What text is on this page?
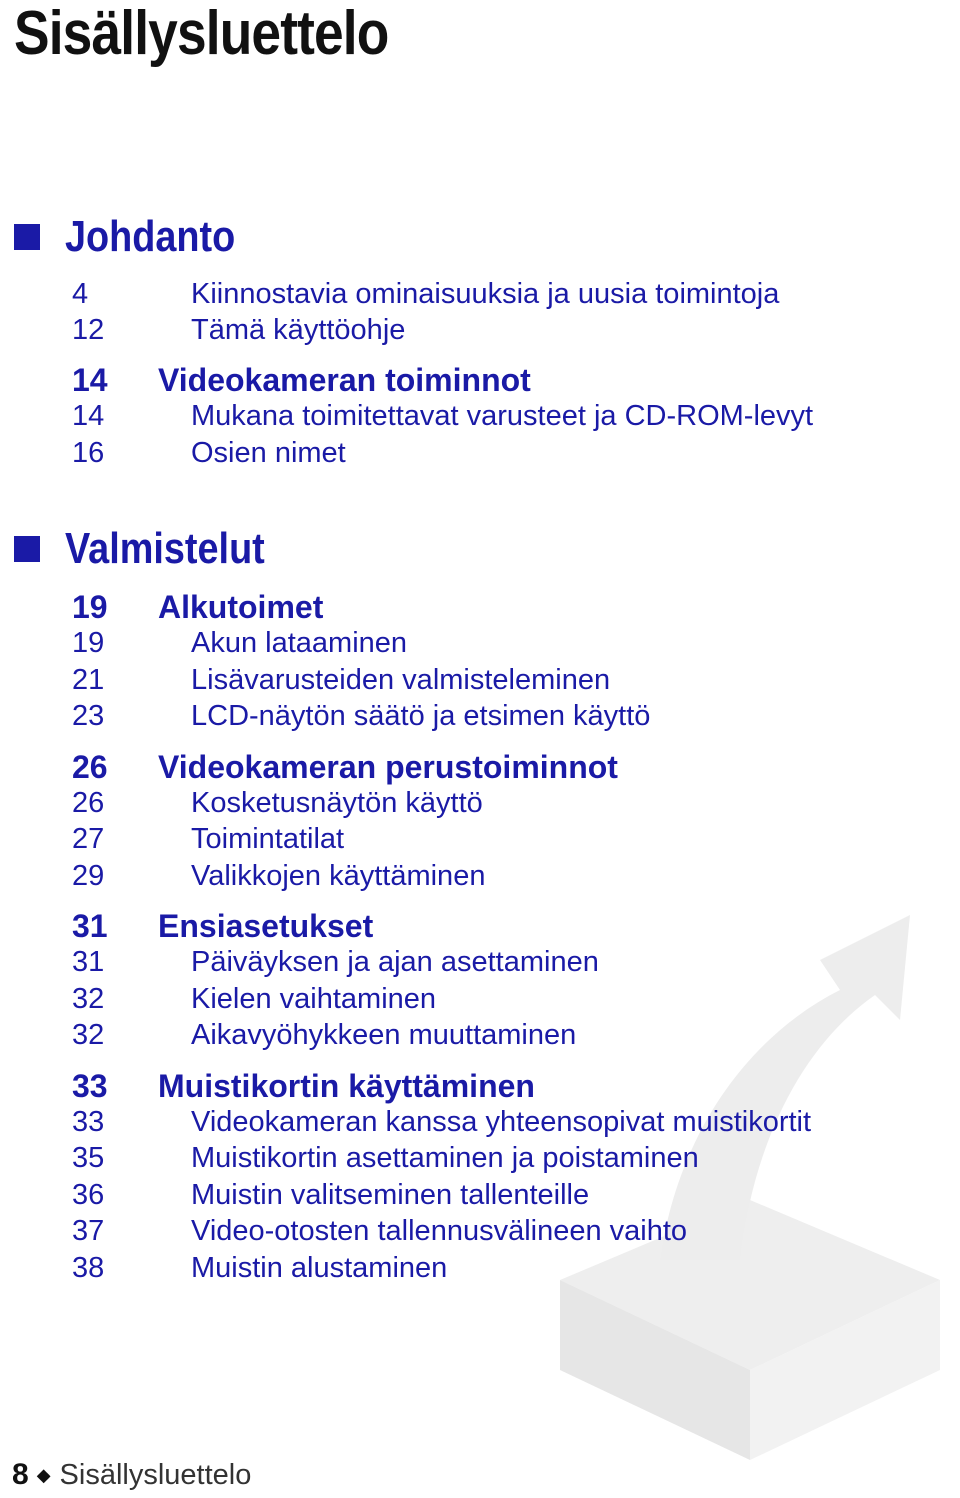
Sisällysluettelo
Johdanto
4	Kiinnostavia ominaisuuksia ja uusia toimintoja
12	Tämä käyttöohje
14 Videokameran toiminnot
14	Mukana toimitettavat varusteet ja CD-ROM-levyt
16	Osien nimet
Valmistelut
19 Alkutoimet
19	Akun lataaminen
21	Lisävarusteiden valmisteleminen
23	LCD-näytön säätö ja etsimen käyttö
26 Videokameran perustoiminnot
26	Kosketusnäytön käyttö
27	Toimintatilat
29	Valikkojen käyttäminen
31 Ensiasetukset
31	Päiväyksen ja ajan asettaminen
32	Kielen vaihtaminen
32	Aikavyöhykkeen muuttaminen
33 Muistikortin käyttäminen
33	Videokameran kanssa yhteensopivat muistikortit
35	Muistikortin asettaminen ja poistaminen
36	Muistin valitseminen tallenteille
37	Video-otosten tallennusvälineen vaihto
38	Muistin alustaminen
8 ◆ Sisällysluettelo
